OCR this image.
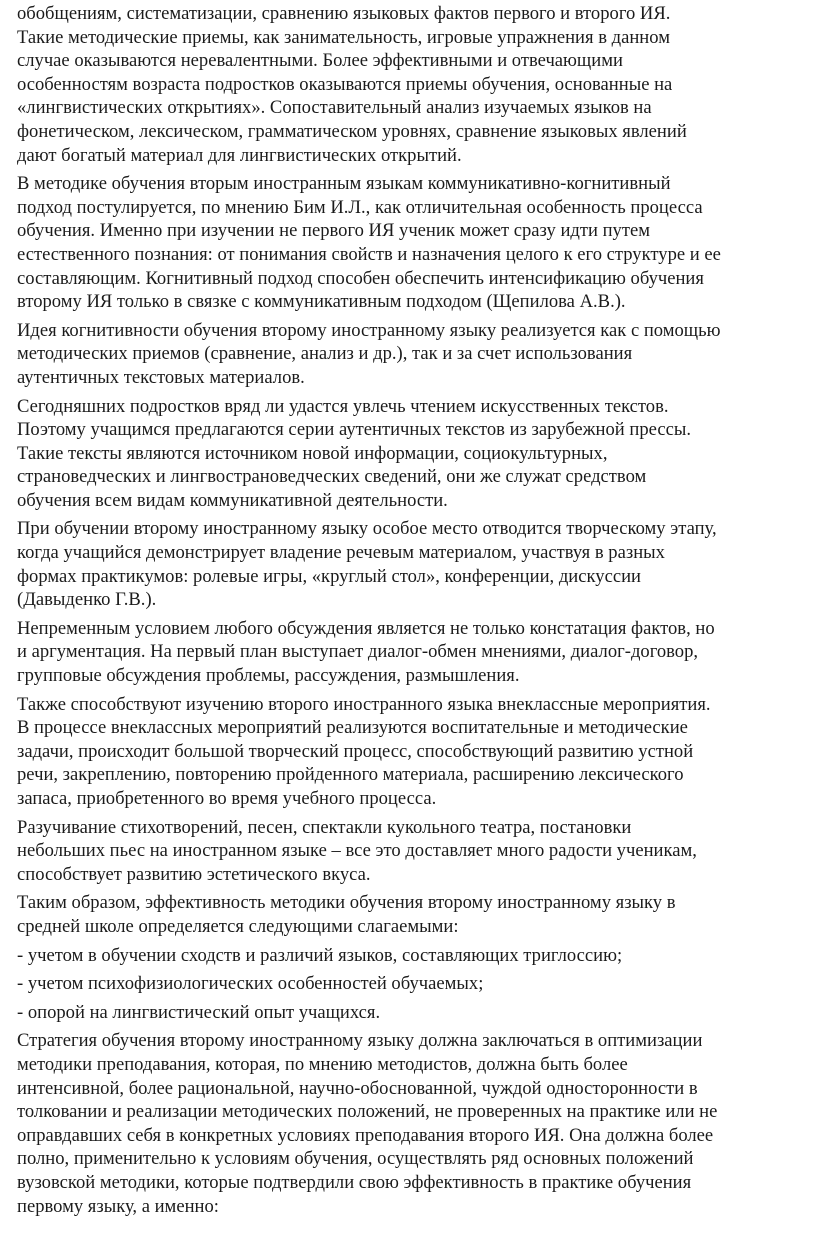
обобщениям, систематизации, сравнению языковых фактов первого и второго ИЯ.
Такие методические приемы, как занимательность, игровые упражнения в данном
случае оказываются неревалентными. Более эффективными и отвечающими
особенностям возраста подростков оказываются приемы обучения, основанные на
«лингвистических открытиях». Сопоставительный анализ изучаемых языков на
фонетическом, лексическом, грамматическом уровнях, сравнение языковых явлений
дают богатый материал для лингвистических открытий.

В методике обучения вторым иностранным языкам коммуникативно-когнитивный
подход постулируется, по мнению Бим И.Л., как отличительная особенность процесса
обучения. Именно при изучении не первого ИЯ ученик может сразу идти путем
естественного познания: от понимания свойств и назначения целого к его структуре и ее
составляющим. Когнитивный подход способен обеспечить интенсификацию обучения
второму ИЯ только в связке с коммуникативным подходом (Щепилова А.В.).

Идея когнитивности обучения второму иностранному языку реализуется как с помощью
методических приемов (сравнение, анализ и др.), так и за счет использования
аутентичных текстовых материалов.

Сегодняшних подростков вряд ли удастся увлечь чтением искусственных текстов.
Поэтому учащимся предлагаются серии аутентичных текстов из зарубежной прессы.
Такие тексты являются источником новой информации, социокультурных,
страноведческих и лингвострановедческих сведений, они же служат средством
обучения всем видам коммуникативной деятельности.

При обучении второму иностранному языку особое место отводится творческому этапу,
когда учащийся демонстрирует владение речевым материалом, участвуя в разных
формах практикумов: ролевые игры, «круглый стол», конференции, дискуссии
(Давыденко Г.В.).

Непременным условием любого обсуждения является не только констатация фактов, но
и аргументация. На первый план выступает диалог-обмен мнениями, диалог-договор,
групповые обсуждения проблемы, рассуждения, размышления.

Также способствуют изучению второго иностранного языка внеклассные мероприятия.
В процессе внеклассных мероприятий реализуются воспитательные и методические
задачи, происходит большой творческий процесс, способствующий развитию устной
речи, закреплению, повторению пройденного материала, расширению лексического
запаса, приобретенного во время учебного процесса.

Разучивание стихотворений, песен, спектакли кукольного театра, постановки
небольших пьес на иностранном языке – все это доставляет много радости ученикам,
способствует развитию эстетического вкуса.

Таким образом, эффективность методики обучения второму иностранному языку в
средней школе определяется следующими слагаемыми:

- учетом в обучении сходств и различий языков, составляющих триглоссию;

- учетом психофизиологических особенностей обучаемых;

- опорой на лингвистический опыт учащихся.

Стратегия обучения второму иностранному языку должна заключаться в оптимизации
методики преподавания, которая, по мнению методистов, должна быть более
интенсивной, более рациональной, научно-обоснованной, чуждой односторонности в
толковании и реализации методических положений, не проверенных на практике или не
оправдавших себя в конкретных условиях преподавания второго ИЯ. Она должна более
полно, применительно к условиям обучения, осуществлять ряд основных положений
вузовской методики, которые подтвердили свою эффективность в практике обучения
первому языку, а именно:
